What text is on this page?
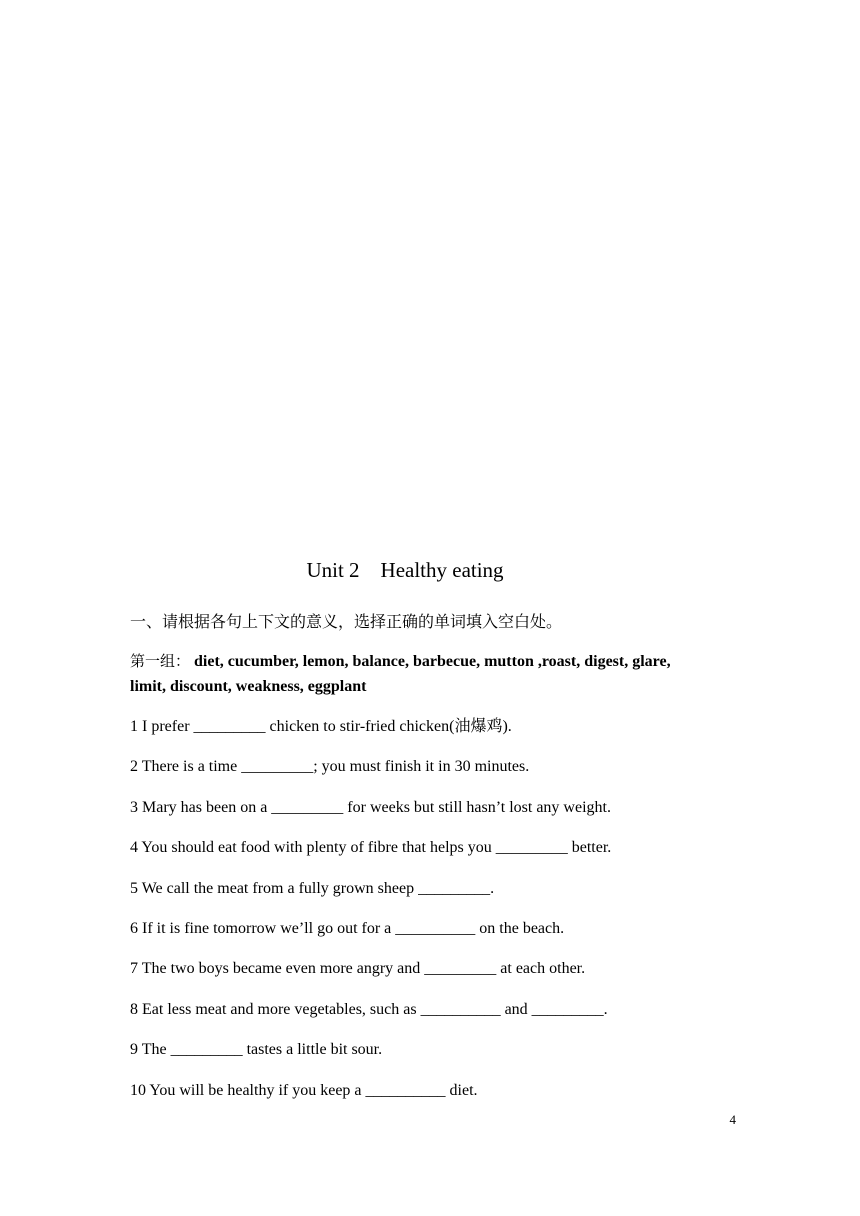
Unit 2    Healthy eating
一、请根据各句上下文的意义，选择正确的单词填入空白处。
第一组： diet, cucumber, lemon, balance, barbecue, mutton ,roast, digest, glare,
limit, discount, weakness, eggplant
1 I prefer _________ chicken to stir-fried chicken(油爆鸡).
2 There is a time _________; you must finish it in 30 minutes.
3 Mary has been on a _________ for weeks but still hasn’t lost any weight.
4 You should eat food with plenty of fibre that helps you _________ better.
5 We call the meat from a fully grown sheep _________.
6 If it is fine tomorrow we’ll go out for a __________ on the beach.
7 The two boys became even more angry and _________ at each other.
8 Eat less meat and more vegetables, such as __________ and _________.
9 The _________ tastes a little bit sour.
10 You will be healthy if you keep a __________ diet.
4
